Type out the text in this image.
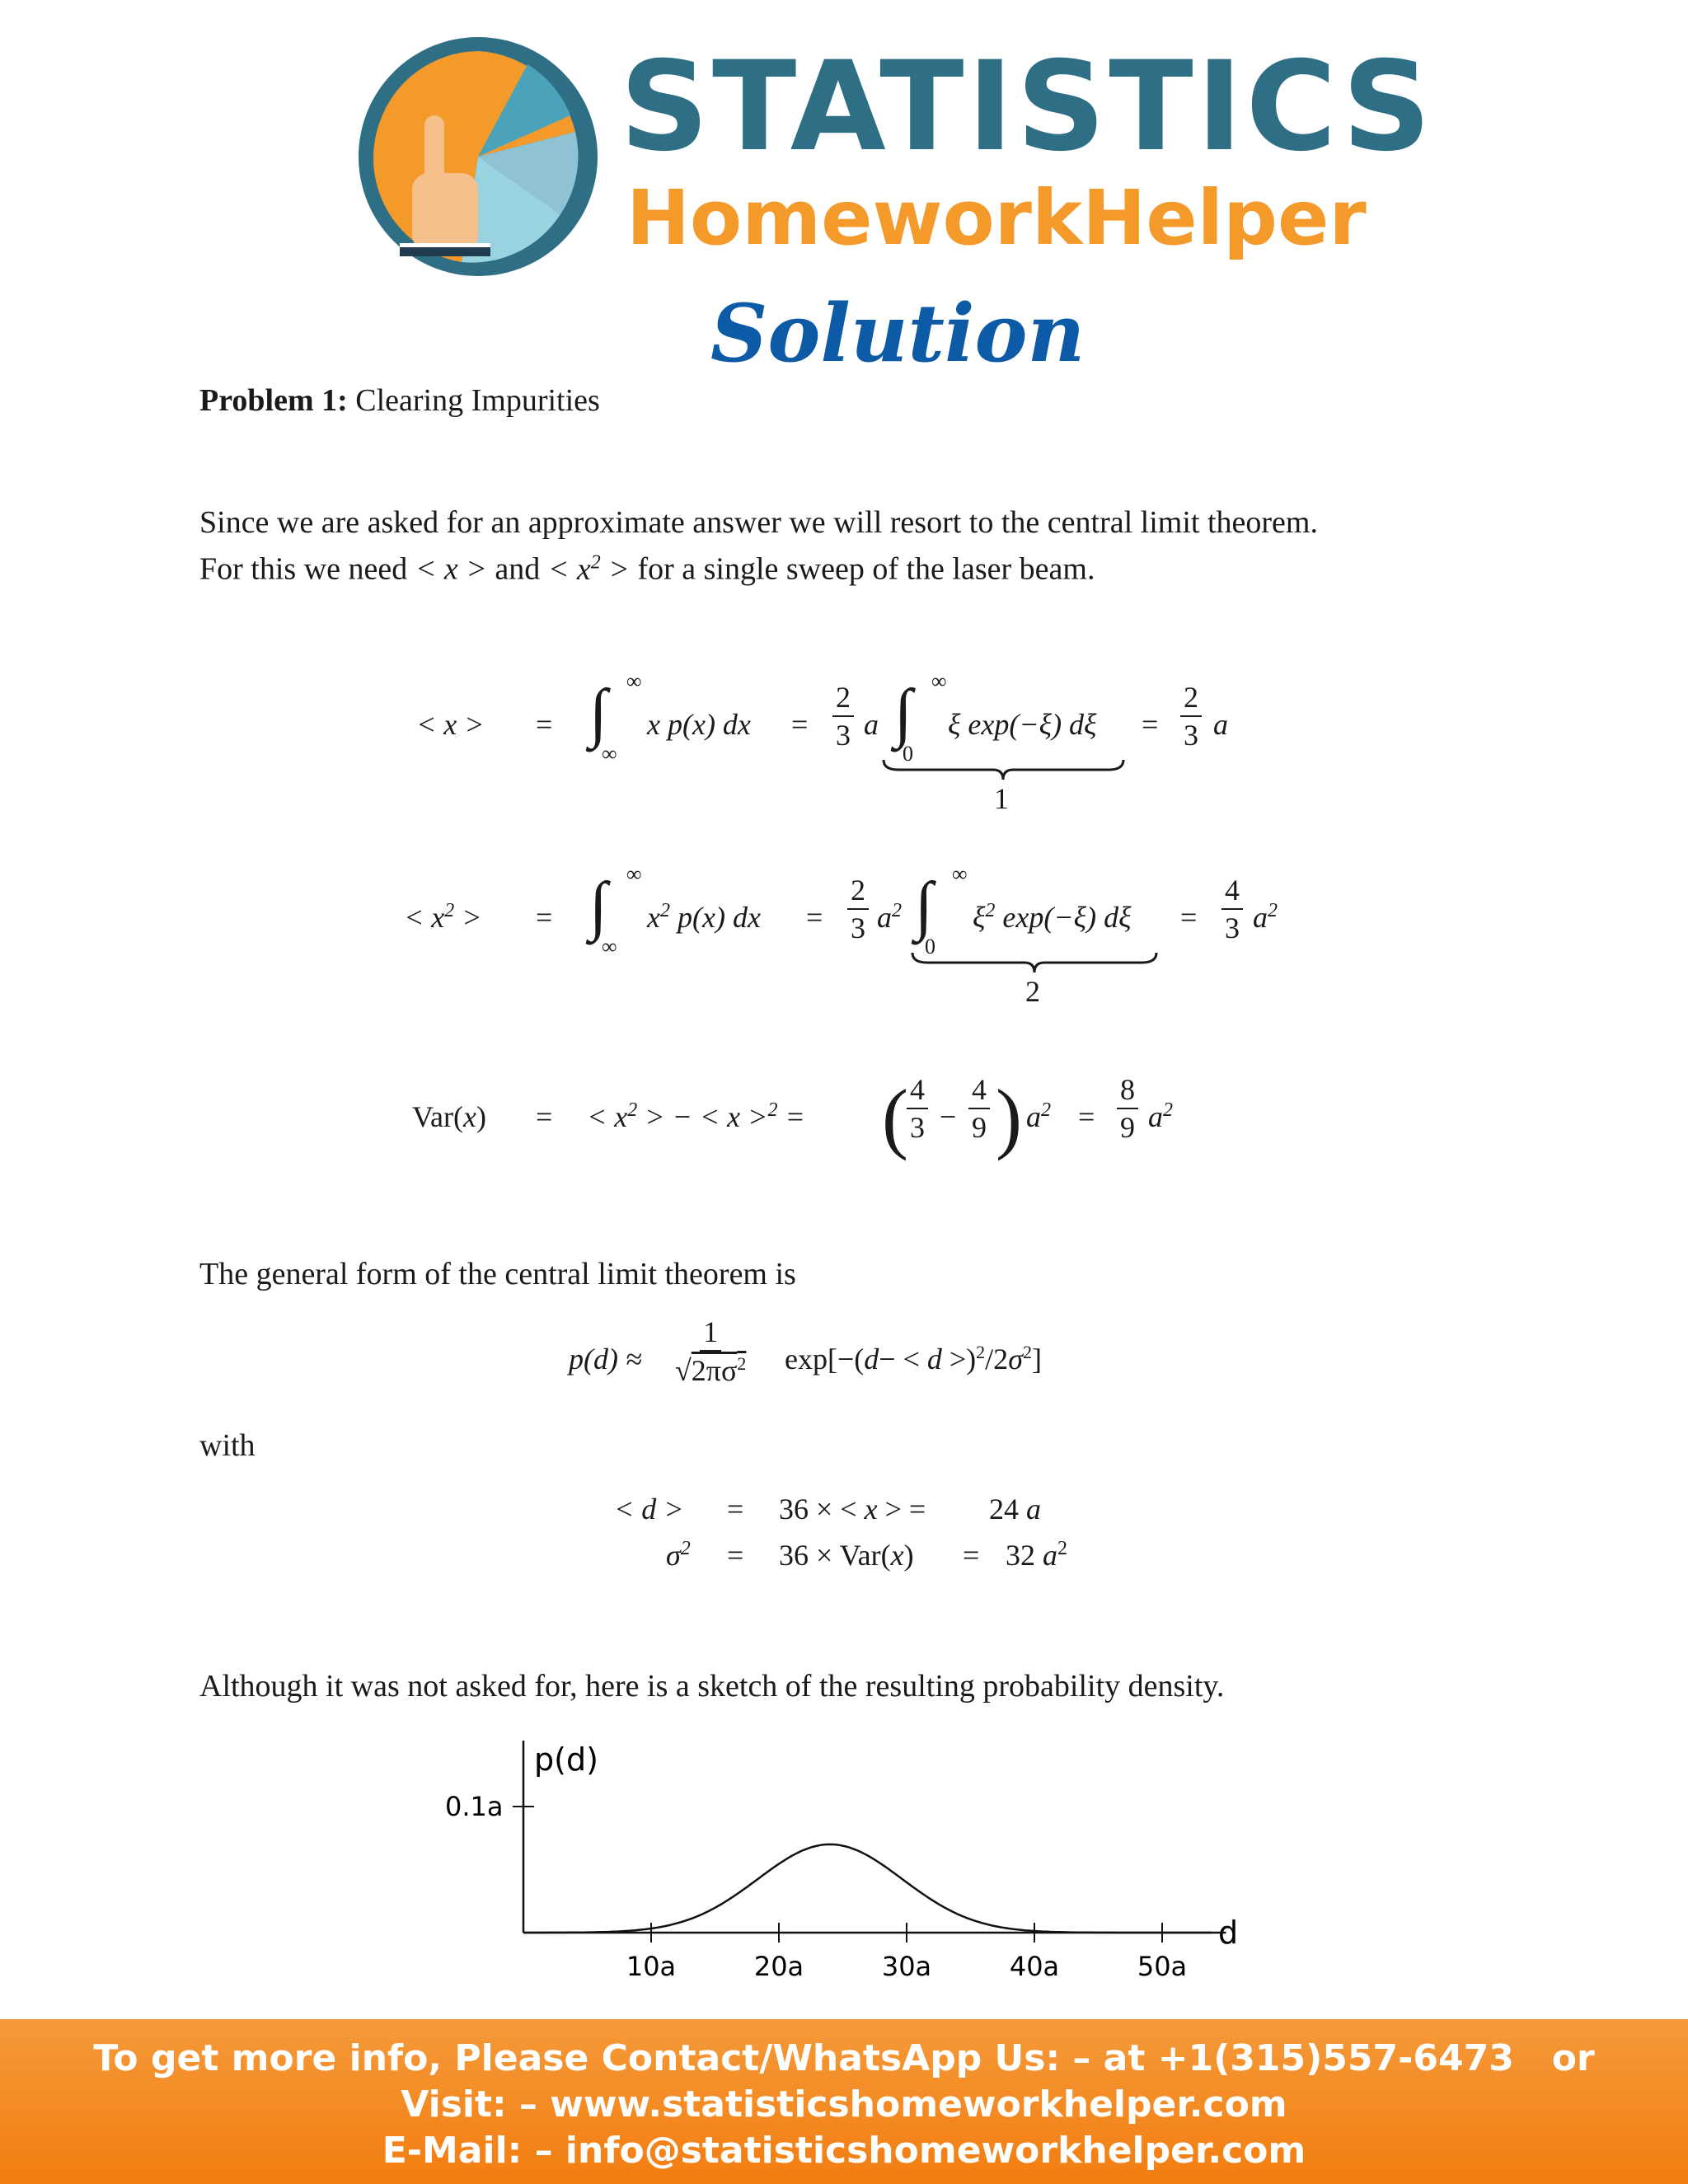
STATISTICS
HomeworkHelper
Solution
Problem 1: Clearing Impurities
Since we are asked for an approximate answer we will resort to the central limit theorem.
For this we need < x > and < $x^2$ > for a single sweep of the laser beam.
< x > = ∫ ∞
∞
x p(x) dx = $\frac{2}{3}$ a ∫ ∞
0
ξ exp(−ξ) dξ
1
= $\frac{2}{3}$ a
< $x^2$ > = ∫ ∞
∞
$x^2$ p(x) dx = $\frac{2}{3} a^2$ ∫ ∞
0
$\xi^2$ exp(−ξ) dξ
2
= $\frac{4}{3} a^2$
Var(x) = < $x^2$ > − < x >$^2$ = (
$\frac{4}{3} - \frac{4}{9}$ ) $a^2 = \frac{8}{9} a^2$
The general form of the central limit theorem is
$p(d) \approx \frac{1}{√2\pi\sigma^2} \exp[-(d- < d >)^2/2\sigma^2]$
with
< d > = 36 × < x > = 24 a
$\sigma^2 = 36 \times Var(x) = 32$ $a^2$
Although it was not asked for, here is a sketch of the resulting probability density.
p(d)
d
0.1a
10a	20a	30a	40a	50a
To get more info, Please Contact/WhatsApp Us: – at +1(315)557-6473   or
Visit: – www.statisticshomeworkhelper.com
E-Mail: – info@statisticshomeworkhelper.com
